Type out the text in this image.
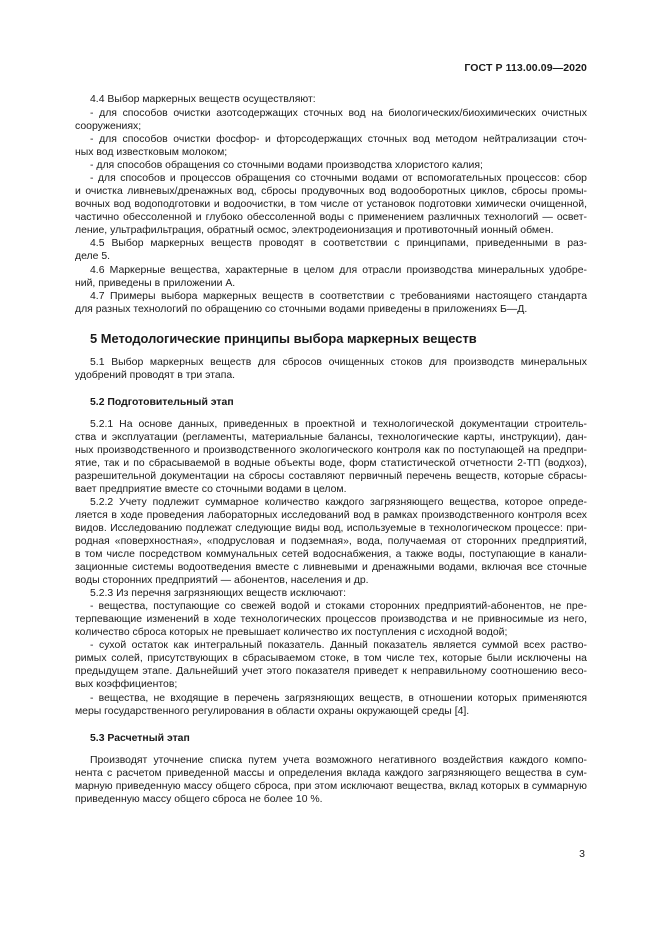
ГОСТ Р 113.00.09—2020
4.4 Выбор маркерных веществ осуществляют:
- для способов очистки азотсодержащих сточных вод на биологических/биохимических очистных
сооружениях;
- для способов очистки фосфор- и фторсодержащих сточных вод методом нейтрализации сточ-
ных вод известковым молоком;
- для способов обращения со сточными водами производства хлористого калия;
- для способов и процессов обращения со сточными водами от вспомогательных процессов: сбор
и очистка ливневых/дренажных вод, сбросы продувочных вод водооборотных циклов, сбросы промы-
вочных вод водоподготовки и водоочистки, в том числе от установок подготовки химически очищенной,
частично обессоленной и глубоко обессоленной воды с применением различных технологий — освет-
ление, ультрафильтрация, обратный осмос, электродеионизация и противоточный ионный обмен.
4.5 Выбор маркерных веществ проводят в соответствии с принципами, приведенными в раз-
деле 5.
4.6 Маркерные вещества, характерные в целом для отрасли производства минеральных удобре-
ний, приведены в приложении А.
4.7 Примеры выбора маркерных веществ в соответствии с требованиями настоящего стандарта
для разных технологий по обращению со сточными водами приведены в приложениях Б—Д.
5 Методологические принципы выбора маркерных веществ
5.1 Выбор маркерных веществ для сбросов очищенных стоков для производств минеральных
удобрений проводят в три этапа.
5.2 Подготовительный этап
5.2.1 На основе данных, приведенных в проектной и технологической документации строитель-
ства и эксплуатации (регламенты, материальные балансы, технологические карты, инструкции), дан-
ных производственного и производственного экологического контроля как по поступающей на предпри-
ятие, так и по сбрасываемой в водные объекты воде, форм статистической отчетности 2-ТП (водхоз),
разрешительной документации на сбросы составляют первичный перечень веществ, которые сбрасы-
вает предприятие вместе со сточными водами в целом.
5.2.2 Учету подлежит суммарное количество каждого загрязняющего вещества, которое опреде-
ляется в ходе проведения лабораторных исследований вод в рамках производственного контроля всех
видов. Исследованию подлежат следующие виды вод, используемые в технологическом процессе: при-
родная «поверхностная», «подрусловая и подземная», вода, получаемая от сторонних предприятий,
в том числе посредством коммунальных сетей водоснабжения, а также воды, поступающие в канали-
зационные системы водоотведения вместе с ливневыми и дренажными водами, включая все сточные
воды сторонних предприятий — абонентов, населения и др.
5.2.3 Из перечня загрязняющих веществ исключают:
- вещества, поступающие со свежей водой и стоками сторонних предприятий-абонентов, не пре-
терпевающие изменений в ходе технологических процессов производства и не привносимые из него,
количество сброса которых не превышает количество их поступления с исходной водой;
- сухой остаток как интегральный показатель. Данный показатель является суммой всех раство-
римых солей, присутствующих в сбрасываемом стоке, в том числе тех, которые были исключены на
предыдущем этапе. Дальнейший учет этого показателя приведет к неправильному соотношению весо-
вых коэффициентов;
- вещества, не входящие в перечень загрязняющих веществ, в отношении которых применяются
меры государственного регулирования в области охраны окружающей среды [4].
5.3 Расчетный этап
Производят уточнение списка путем учета возможного негативного воздействия каждого компо-
нента с расчетом приведенной массы и определения вклада каждого загрязняющего вещества в сум-
марную приведенную массу общего сброса, при этом исключают вещества, вклад которых в суммарную
приведенную массу общего сброса не более 10 %.
3
